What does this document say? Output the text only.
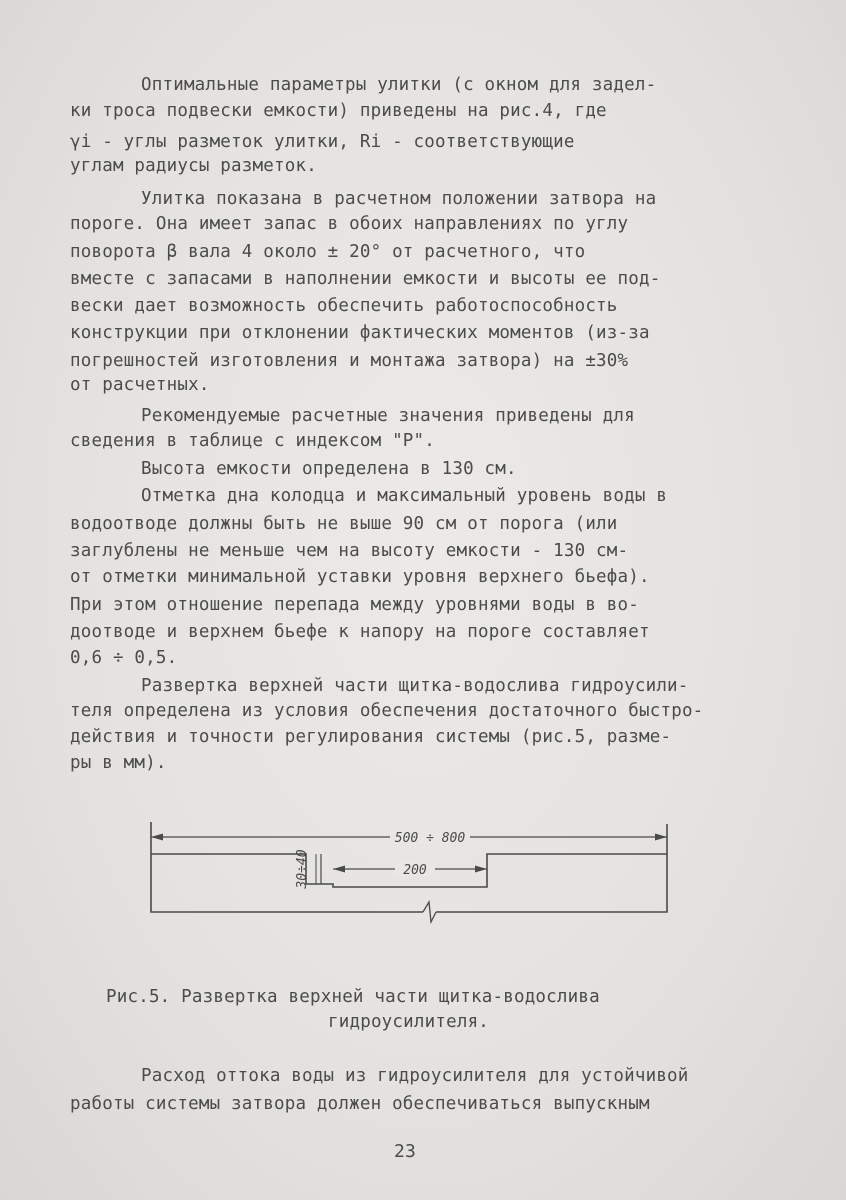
Оптимальные параметры улитки (с окном для задел-
ки троса подвески емкости) приведены на рис.4, где
γi - углы разметок улитки, Ri - соответствующие
углам радиусы разметок.
Улитка показана в расчетном положении затвора на
пороге. Она имеет запас в обоих направлениях по углу
поворота β вала 4 около ± 20° от расчетного, что
вместе с запасами в наполнении емкости и высоты ее под-
вески дает возможность обеспечить работоспособность
конструкции при отклонении фактических моментов (из-за
погрешностей изготовления и монтажа затвора) на ±30%
от расчетных.
Рекомендуемые расчетные значения приведены для
сведения в таблице с индексом "Р".
Высота емкости определена в 130 см.
Отметка дна колодца и максимальный уровень воды в
водоотводе должны быть не выше 90 см от порога (или
заглублены не меньше чем на высоту емкости - 130 см-
от отметки минимальной уставки уровня верхнего бьефа).
При этом отношение перепада между уровнями воды в во-
доотводе и верхнем бьефе к напору на пороге составляет
0,6 ÷ 0,5.
Развертка верхней части щитка-водослива гидроусили-
теля определена из условия обеспечения достаточного быстро-
действия и точности регулирования системы (рис.5, разме-
ры в мм).
500 ÷ 800
200
30÷40
Рис.5. Развертка верхней части щитка-водослива
гидроусилителя.
Расход оттока воды из гидроусилителя для устойчивой
работы системы затвора должен обеспечиваться выпускным
23
